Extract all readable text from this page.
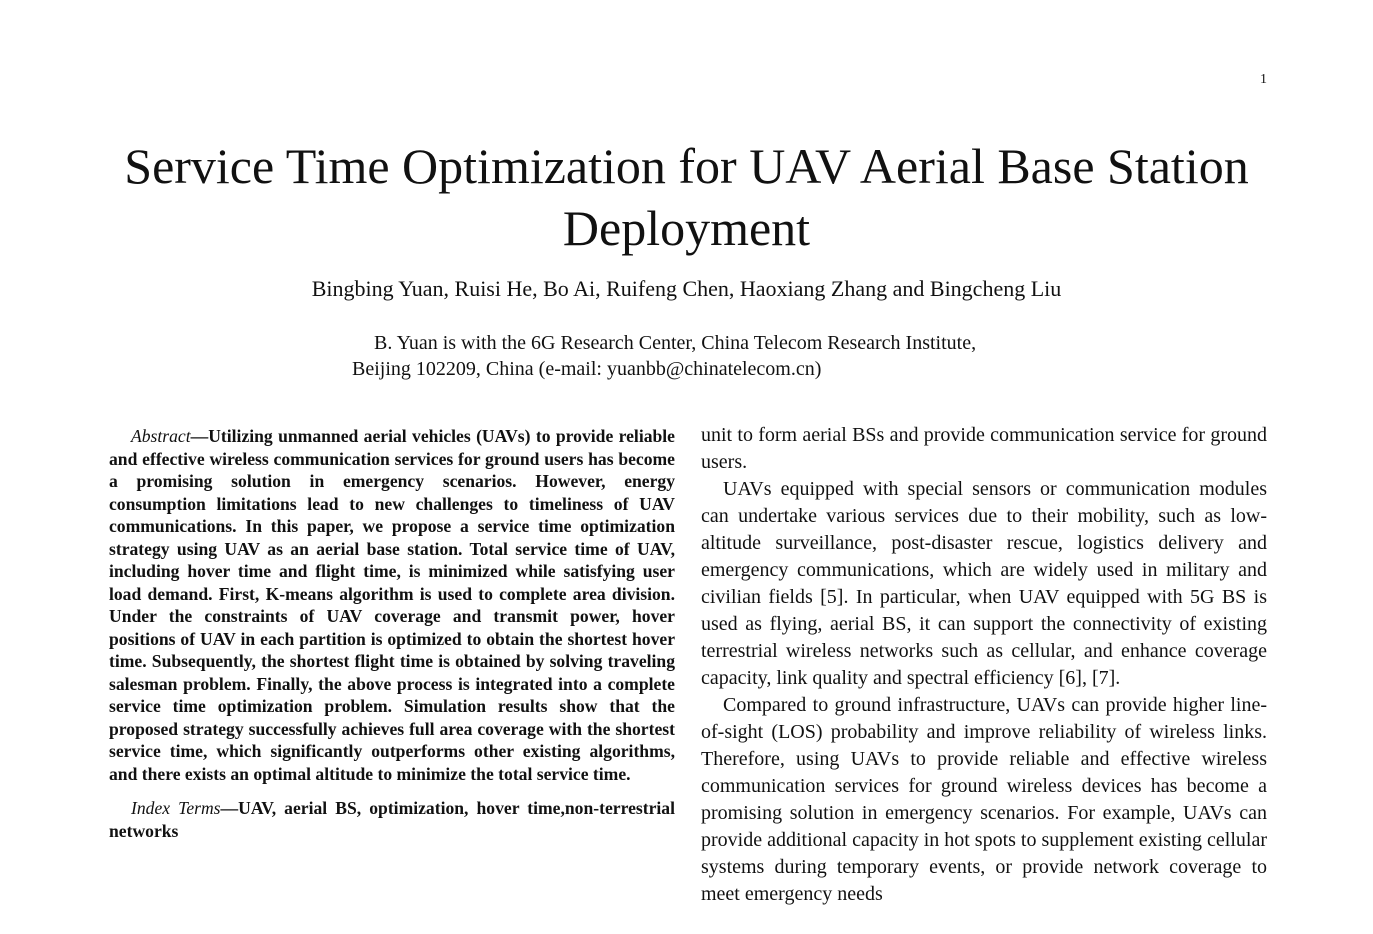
1
Service Time Optimization for UAV Aerial Base Station Deployment
Bingbing Yuan, Ruisi He, Bo Ai, Ruifeng Chen, Haoxiang Zhang and Bingcheng Liu
B. Yuan is with the 6G Research Center, China Telecom Research Institute,
Beijing 102209, China (e-mail: yuanbb@chinatelecom.cn)

Abstract—Utilizing unmanned aerial vehicles (UAVs) to provide reliable and effective wireless communication services for ground users has become a promising solution in emergency scenarios. However, energy consumption limitations lead to new challenges to timeliness of UAV communications. In this paper, we propose a service time optimization strategy using UAV as an aerial base station. Total service time of UAV, including hover time and flight time, is minimized while satisfying user load demand. First, K-means algorithm is used to complete area division. Under the constraints of UAV coverage and transmit power, hover positions of UAV in each partition is optimized to obtain the shortest hover time. Subsequently, the shortest flight time is obtained by solving traveling salesman problem. Finally, the above process is integrated into a complete service time optimization problem. Simulation results show that the proposed strategy successfully achieves full area coverage with the shortest service time, which significantly outperforms other existing algorithms, and there exists an optimal altitude to minimize the total service time.

Index Terms—UAV, aerial BS, optimization, hover time,non-terrestrial networks

unit to form aerial BSs and provide communication service for ground users.

UAVs equipped with special sensors or communication modules can undertake various services due to their mobility, such as low-altitude surveillance, post-disaster rescue, logistics delivery and emergency communications, which are widely used in military and civilian fields [5]. In particular, when UAV equipped with 5G BS is used as flying, aerial BS, it can support the connectivity of existing terrestrial wireless networks such as cellular, and enhance coverage capacity, link quality and spectral efficiency [6], [7].

Compared to ground infrastructure, UAVs can provide higher line-of-sight (LOS) probability and improve reliability of wireless links. Therefore, using UAVs to provide reliable and effective wireless communication services for ground wireless devices has become a promising solution in emergency scenarios. For example, UAVs can provide additional capacity in hot spots to supplement existing cellular systems during temporary events, or provide network coverage to meet emergency needs
